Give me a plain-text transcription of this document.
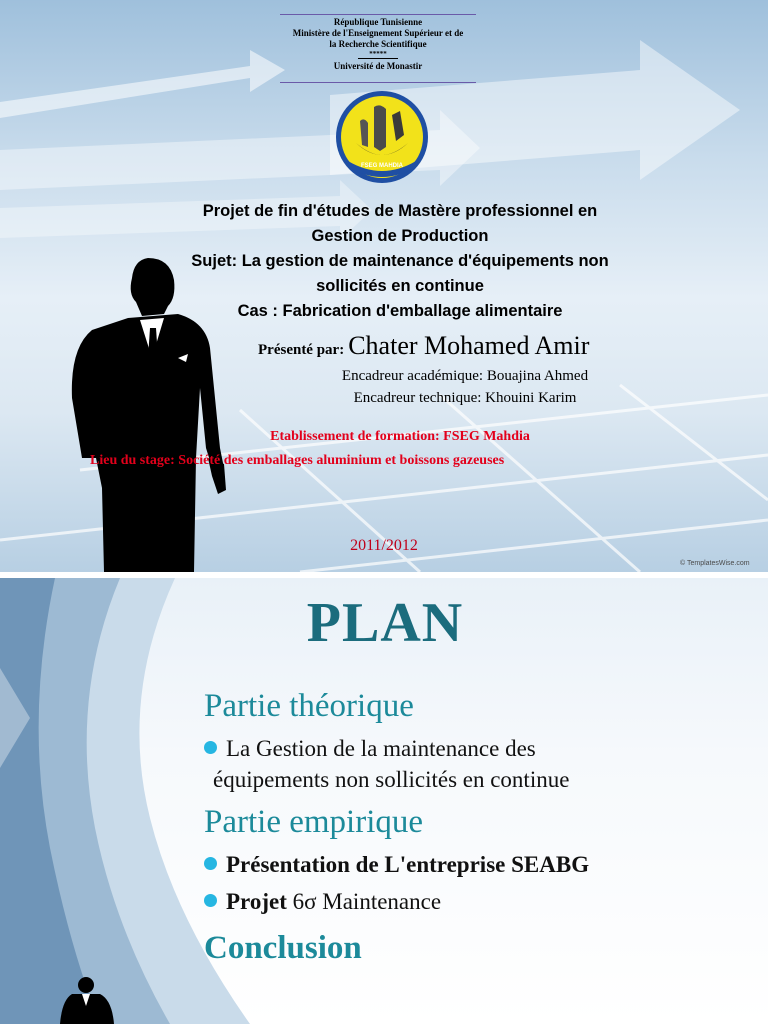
République Tunisienne
Ministère de l'Enseignement Supérieur et de
la Recherche Scientifique
*****
Université de Monastir
FSEG MAHDIA
Projet de fin d'études de Mastère professionnel en
Gestion de Production
Sujet: La gestion de maintenance d'équipements non
sollicités en continue
Cas : Fabrication d'emballage alimentaire
Présenté par: Chater Mohamed Amir
Encadreur académique: Bouajina Ahmed
Encadreur technique: Khouini Karim
Etablissement de formation: FSEG Mahdia
Lieu du stage: Société des emballages aluminium et boissons gazeuses
2011/2012
© TemplatesWise.com
PLAN
Partie théorique
La Gestion de la maintenance des
équipements non sollicités en continue
Partie empirique
Présentation de L'entreprise SEABG
Projet 6σ Maintenance
Conclusion
